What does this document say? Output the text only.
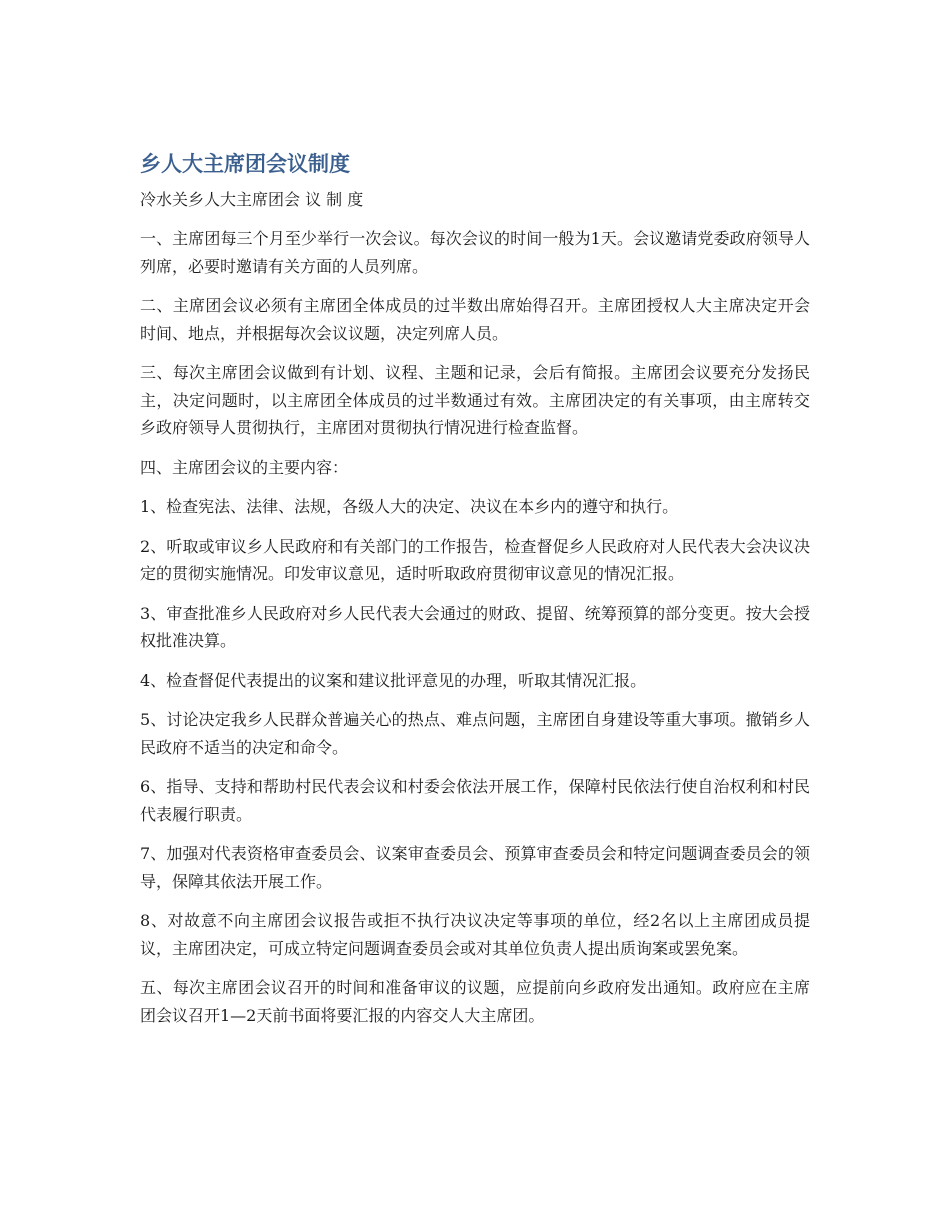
乡人大主席团会议制度
冷水关乡人大主席团会 议 制 度

一、主席团每三个月至少举行一次会议。每次会议的时间一般为1天。会议邀请党委政府领导人列席，必要时邀请有关方面的人员列席。

二、主席团会议必须有主席团全体成员的过半数出席始得召开。主席团授权人大主席决定开会时间、地点，并根据每次会议议题，决定列席人员。

三、每次主席团会议做到有计划、议程、主题和记录，会后有简报。主席团会议要充分发扬民主，决定问题时，以主席团全体成员的过半数通过有效。主席团决定的有关事项，由主席转交乡政府领导人贯彻执行，主席团对贯彻执行情况进行检查监督。

四、主席团会议的主要内容：

1、检查宪法、法律、法规，各级人大的决定、决议在本乡内的遵守和执行。

2、听取或审议乡人民政府和有关部门的工作报告，检查督促乡人民政府对人民代表大会决议决定的贯彻实施情况。印发审议意见，适时听取政府贯彻审议意见的情况汇报。

3、审查批准乡人民政府对乡人民代表大会通过的财政、提留、统筹预算的部分变更。按大会授权批准决算。

4、检查督促代表提出的议案和建议批评意见的办理，听取其情况汇报。

5、讨论决定我乡人民群众普遍关心的热点、难点问题，主席团自身建设等重大事项。撤销乡人民政府不适当的决定和命令。

6、指导、支持和帮助村民代表会议和村委会依法开展工作，保障村民依法行使自治权利和村民代表履行职责。

7、加强对代表资格审查委员会、议案审查委员会、预算审查委员会和特定问题调查委员会的领导，保障其依法开展工作。

8、对故意不向主席团会议报告或拒不执行决议决定等事项的单位，经2名以上主席团成员提议，主席团决定，可成立特定问题调查委员会或对其单位负责人提出质询案或罢免案。

五、每次主席团会议召开的时间和准备审议的议题，应提前向乡政府发出通知。政府应在主席团会议召开1—2天前书面将要汇报的内容交人大主席团。
